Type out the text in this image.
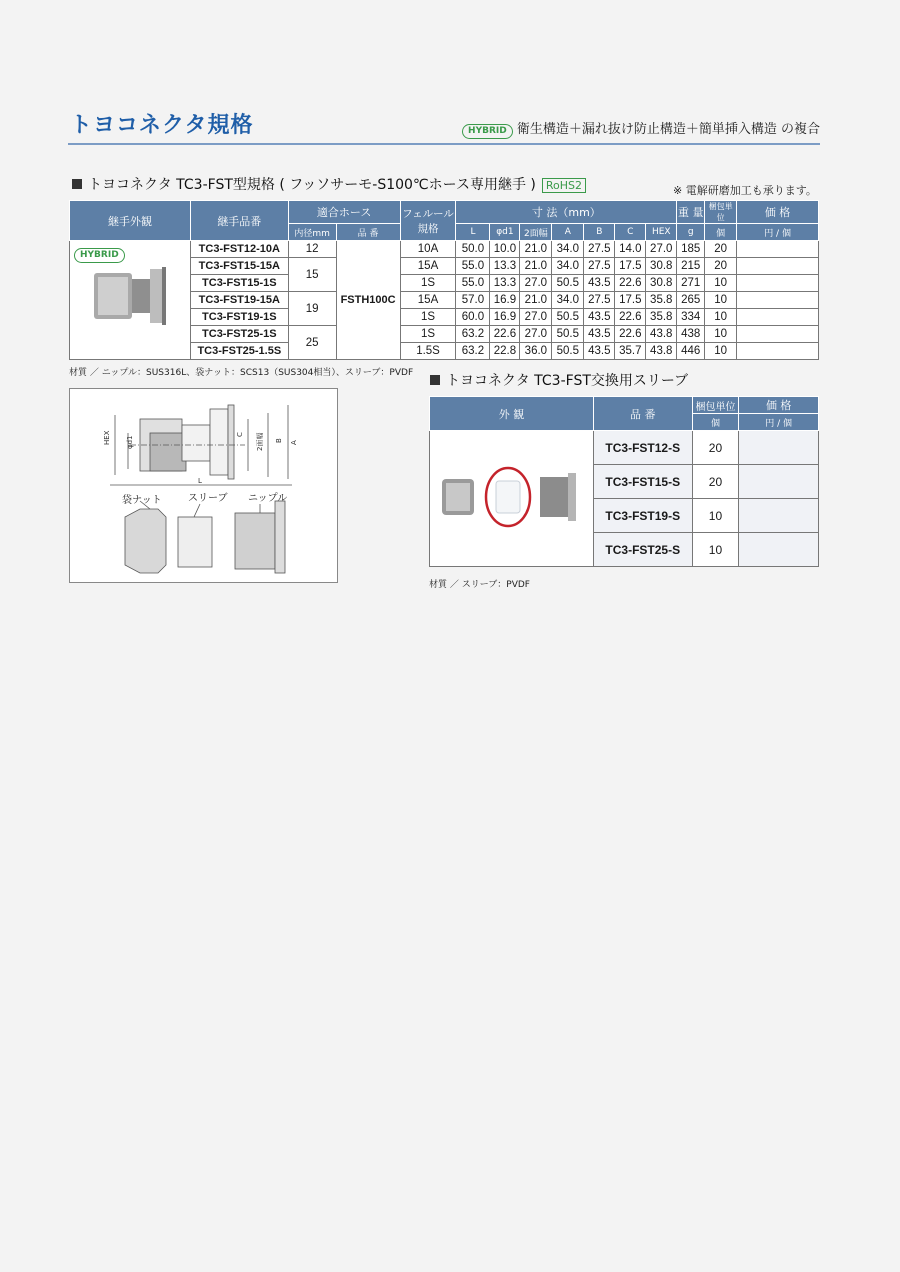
トヨコネクタ規格	HYBRID 衛生構造＋漏れ抜け防止構造＋簡単挿入構造 の複合
トヨコネクタ TC3-FST型規格 ( フッソサーモ-S100℃ホース専用継手 ) RoHS2	※ 電解研磨加工も承ります。
継手外観	継手品番	適合ホース		フェルール規格	寸 法（mm）							重 量	梱包単位	価 格
		内径mm	品 番		L	φd1	2面幅	A	B	C	HEX	g	個	円 / 個

HYBRID	TC3-FST12-10A	12	FSTH100C	10A	50.0	10.0	21.0	34.0	27.5	14.0	27.0	185	20	
	TC3-FST15-15A	15		15A	55.0	13.3	21.0	34.0	27.5	17.5	30.8	215	20	
	TC3-FST15-1S			1S	55.0	13.3	27.0	50.5	43.5	22.6	30.8	271	10	
	TC3-FST19-15A	19		15A	57.0	16.9	21.0	34.0	27.5	17.5	35.8	265	10	
	TC3-FST19-1S			1S	60.0	16.9	27.0	50.5	43.5	22.6	35.8	334	10	
	TC3-FST25-1S	25		1S	63.2	22.6	27.0	50.5	43.5	22.6	43.8	438	10	
	TC3-FST25-1.5S			1.5S	63.2	22.8	36.0	50.5	43.5	35.7	43.8	446	10	
材質 ／ ニップル：SUS316L、袋ナット：SCS13（SUS304相当）、スリーブ：PVDF
HEX φd1
C 2面幅 B A
L
袋ナット	スリーブ ニップル
トヨコネクタ TC3-FST交換用スリーブ
外 観	品 番	梱包単位	価 格
		個	円 / 個
	TC3-FST12-S	20	
	TC3-FST15-S	20	
	TC3-FST19-S	10	
	TC3-FST25-S	10	
材質 ／ スリーブ：PVDF
